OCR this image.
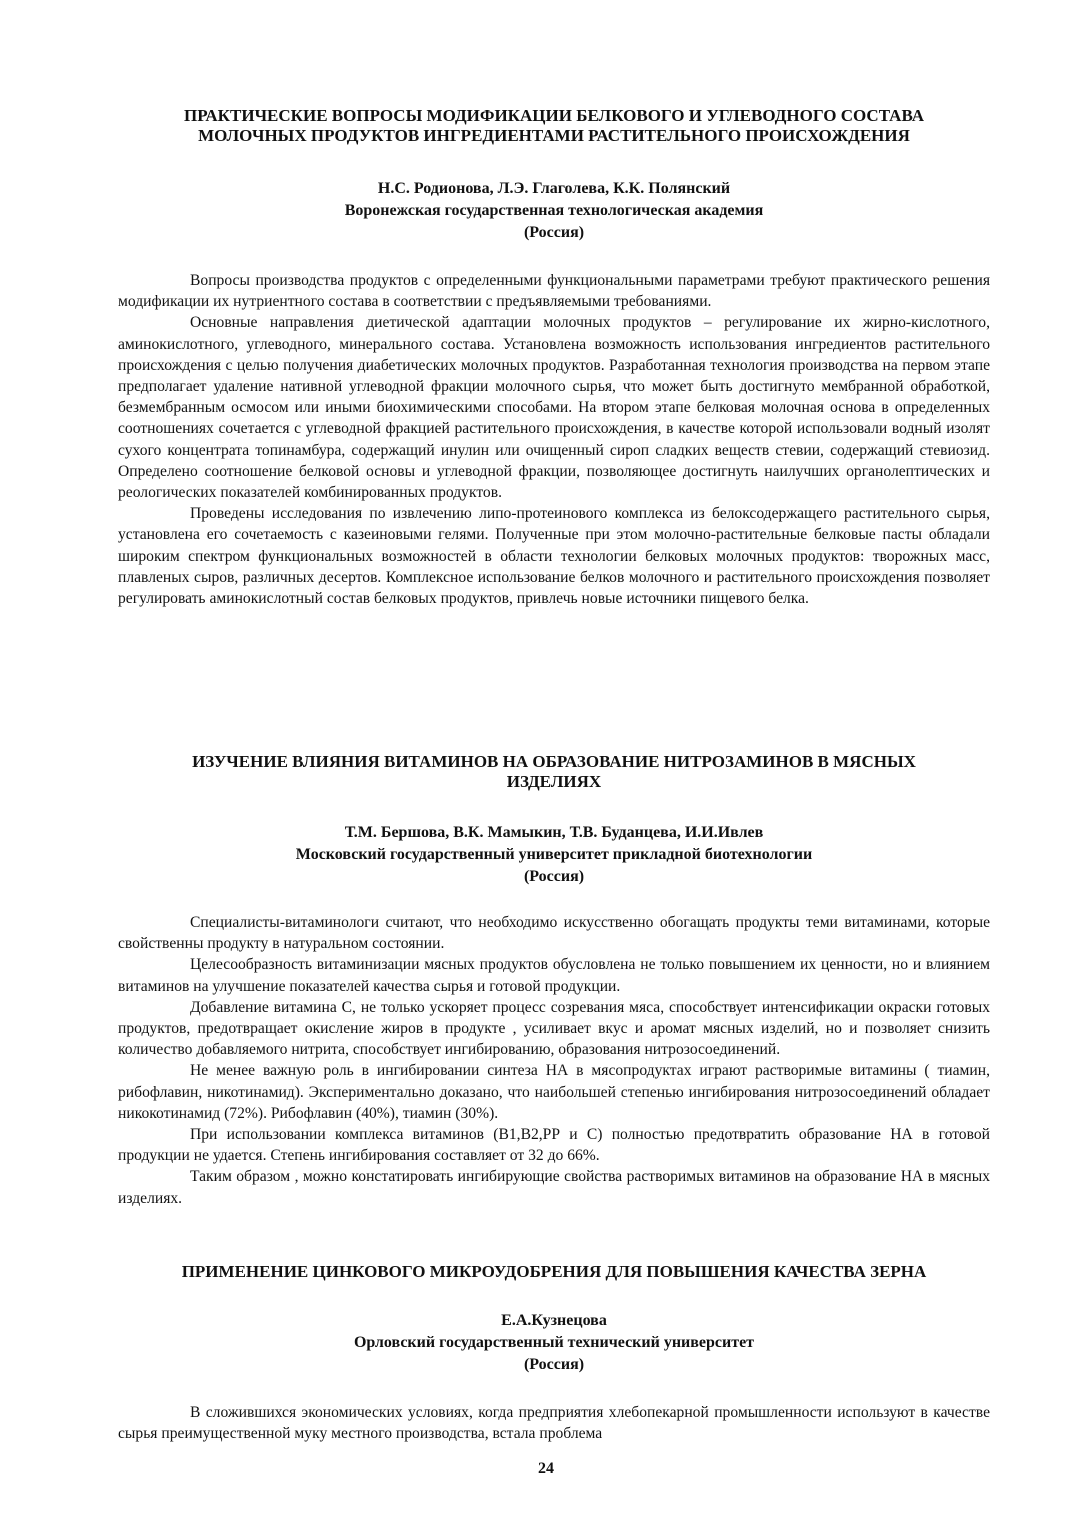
ПРАКТИЧЕСКИЕ ВОПРОСЫ МОДИФИКАЦИИ БЕЛКОВОГО И УГЛЕВОДНОГО СОСТАВА
МОЛОЧНЫХ ПРОДУКТОВ ИНГРЕДИЕНТАМИ РАСТИТЕЛЬНОГО ПРОИСХОЖДЕНИЯ
Н.С. Родионова, Л.Э. Глаголева, К.К. Полянский
Воронежская государственная технологическая академия
(Россия)

Вопросы производства продуктов с определенными функциональными параметрами требуют практического решения модификации их нутриентного состава в соответствии с предъявляемыми требованиями.

Основные направления диетической адаптации молочных продуктов – регулирование их жирно-кислотного, аминокислотного, углеводного, минерального состава. Установлена возможность использования ингредиентов растительного происхождения с целью получения диабетических молочных продуктов. Разработанная технология производства на первом этапе предполагает удаление нативной углеводной фракции молочного сырья, что может быть достигнуто мембранной обработкой, безмембранным осмосом или иными биохимическими способами. На втором этапе белковая молочная основа в определенных соотношениях сочетается с углеводной фракцией растительного происхождения, в качестве которой использовали водный изолят сухого концентрата топинамбура, содержащий инулин или очищенный сироп сладких веществ стевии, содержащий стевиозид. Определено соотношение белковой основы и углеводной фракции, позволяющее достигнуть наилучших органолептических и реологических показателей комбинированных продуктов.

Проведены исследования по извлечению липо-протеинового комплекса из белоксодержащего растительного сырья, установлена его сочетаемость с казеиновыми гелями. Полученные при этом молочно-растительные белковые пасты обладали широким спектром функциональных возможностей в области технологии белковых молочных продуктов: творожных масс, плавленых сыров, различных десертов. Комплексное использование белков молочного и растительного происхождения позволяет регулировать аминокислотный состав белковых продуктов, привлечь новые источники пищевого белка.

ИЗУЧЕНИЕ ВЛИЯНИЯ ВИТАМИНОВ НА ОБРАЗОВАНИЕ НИТРОЗАМИНОВ В МЯСНЫХ
ИЗДЕЛИЯХ
Т.М. Бершова, В.К. Мамыкин, Т.В. Буданцева, И.И.Ивлев
Московский государственный университет прикладной биотехнологии
(Россия)

Специалисты-витаминологи считают, что необходимо искусственно обогащать продукты теми витаминами, которые свойственны продукту в натуральном состоянии.

Целесообразность витаминизации мясных продуктов обусловлена не только повышением их ценности, но и влиянием витаминов на улучшение показателей качества сырья и готовой продукции.

Добавление витамина С, не только ускоряет процесс созревания мяса, способствует интенсификации окраски готовых продуктов, предотвращает окисление жиров в продукте , усиливает вкус и аромат мясных изделий, но и позволяет снизить количество добавляемого нитрита, способствует ингибированию, образования нитрозосоединений.

Не менее важную роль в ингибировании синтеза НА в мясопродуктах играют растворимые витамины ( тиамин, рибофлавин, никотинамид). Экспериментально доказано, что наибольшей степенью ингибирования нитрозосоединений обладает никокотинамид (72%). Рибофлавин (40%), тиамин (30%).

При использовании комплекса витаминов (В1,В2,РР и С) полностью предотвратить образование НА в готовой продукции не удается. Степень ингибирования составляет от 32 до 66%.

Таким образом , можно констатировать ингибирующие свойства растворимых витаминов на образование НА в мясных изделиях.

ПРИМЕНЕНИЕ ЦИНКОВОГО МИКРОУДОБРЕНИЯ ДЛЯ ПОВЫШЕНИЯ КАЧЕСТВА ЗЕРНА
Е.А.Кузнецова
Орловский государственный технический университет
(Россия)

В сложившихся экономических условиях, когда предприятия хлебопекарной промышленности используют в качестве сырья преимущественной муку местного производства, встала проблема

24
